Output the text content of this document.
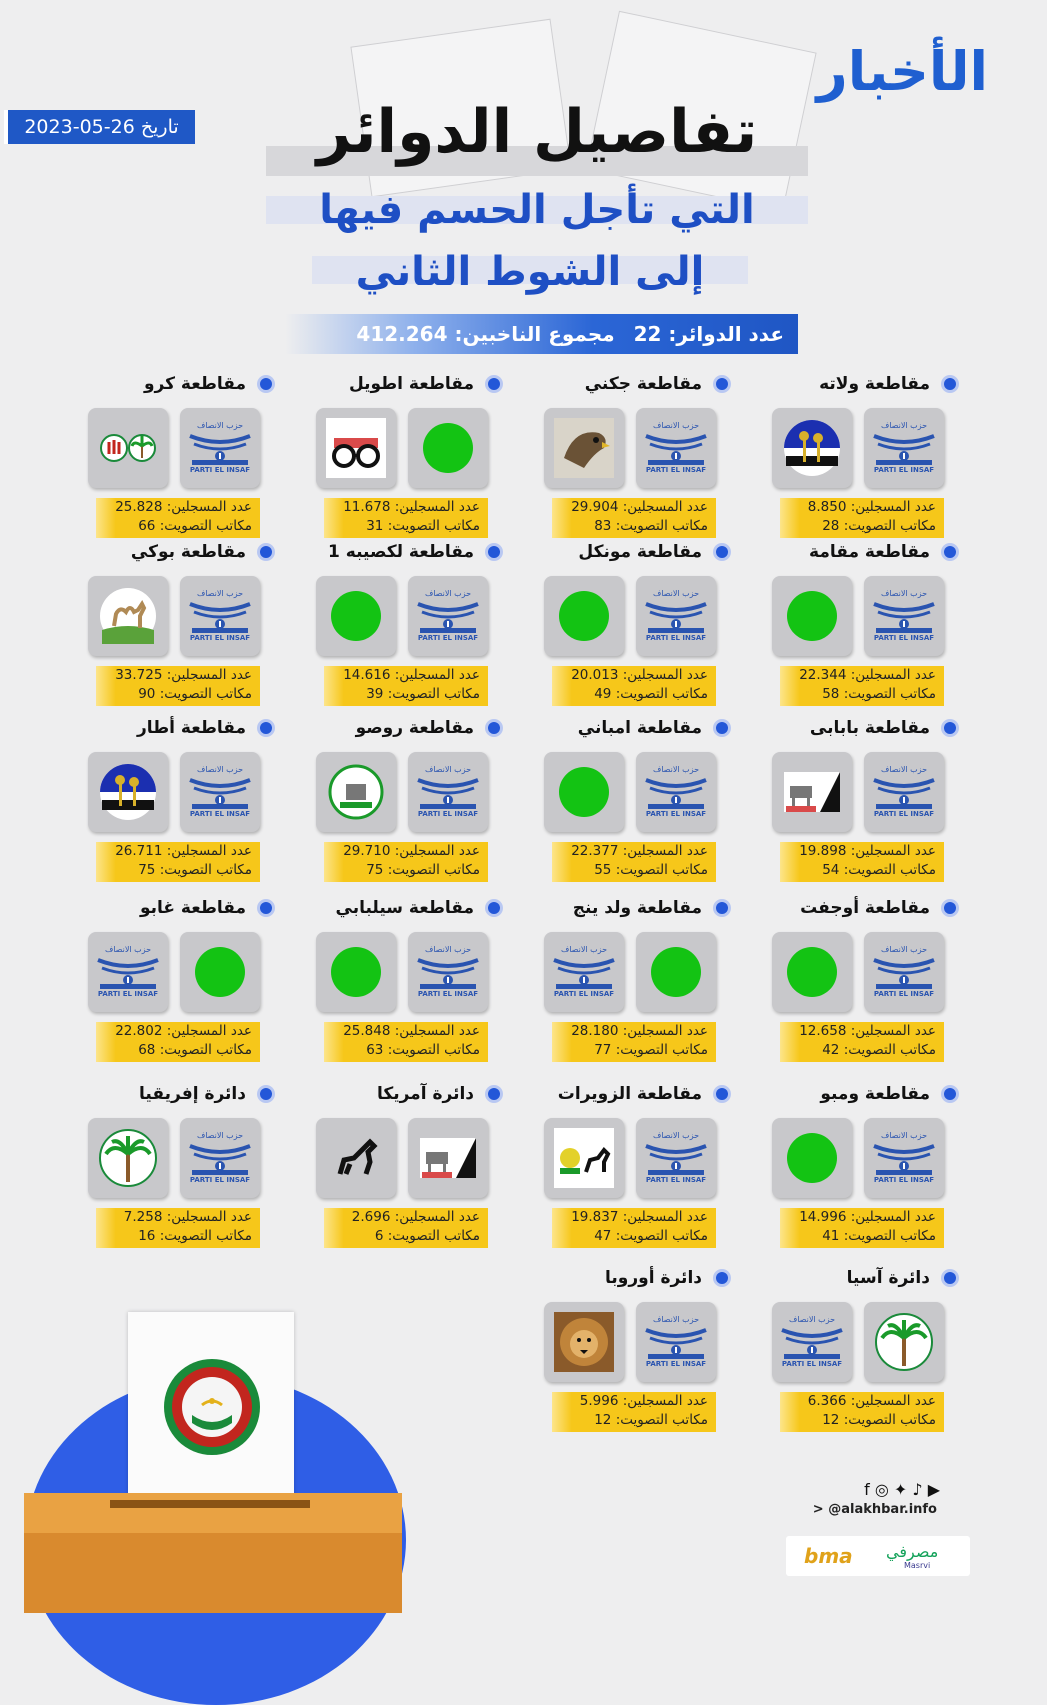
الأخبار
تاريخ 26-05-2023	تفاصيل الدوائر
التي تأجل الحسم فيها
إلى الشوط الثاني
عدد الدوائر: 22 مجموع الناخبين: 412.264
مقاطعة ولاته
حزب الانصاف
PARTI EL INSAF
عدد المسجلين: 8.850
مكاتب التصويت: 28
مقاطعة جكني
حزب الانصاف
PARTI EL INSAF
عدد المسجلين: 29.904
مكاتب التصويت: 83
مقاطعة اطويل
عدد المسجلين: 11.678
مكاتب التصويت: 31
مقاطعة كرو
حزب الانصاف
PARTI EL INSAF
عدد المسجلين: 25.828
مكاتب التصويت: 66
مقاطعة مقامة
حزب الانصاف
PARTI EL INSAF
عدد المسجلين: 22.344
مكاتب التصويت: 58
مقاطعة مونكل
حزب الانصاف
PARTI EL INSAF
عدد المسجلين: 20.013
مكاتب التصويت: 49
مقاطعة لكصيبه 1
حزب الانصاف
PARTI EL INSAF
عدد المسجلين: 14.616
مكاتب التصويت: 39
مقاطعة بوكي
حزب الانصاف
PARTI EL INSAF
عدد المسجلين: 33.725
مكاتب التصويت: 90
مقاطعة بابابى
حزب الانصاف
PARTI EL INSAF
عدد المسجلين: 19.898
مكاتب التصويت: 54
مقاطعة امباني
حزب الانصاف
PARTI EL INSAF
عدد المسجلين: 22.377
مكاتب التصويت: 55
مقاطعة روصو
حزب الانصاف
PARTI EL INSAF
عدد المسجلين: 29.710
مكاتب التصويت: 75
مقاطعة أطار
حزب الانصاف
PARTI EL INSAF
عدد المسجلين: 26.711
مكاتب التصويت: 75
مقاطعة أوجفت
حزب الانصاف
PARTI EL INSAF
عدد المسجلين: 12.658
مكاتب التصويت: 42
مقاطعة ولد ينج
حزب الانصاف
PARTI EL INSAF
عدد المسجلين: 28.180
مكاتب التصويت: 77
مقاطعة سيلبابي
حزب الانصاف
PARTI EL INSAF
عدد المسجلين: 25.848
مكاتب التصويت: 63
مقاطعة غابو
حزب الانصاف
PARTI EL INSAF
عدد المسجلين: 22.802
مكاتب التصويت: 68
مقاطعة ومبو
حزب الانصاف
PARTI EL INSAF
عدد المسجلين: 14.996
مكاتب التصويت: 41
مقاطعة الزويرات
حزب الانصاف
PARTI EL INSAF
عدد المسجلين: 19.837
مكاتب التصويت: 47
دائرة آمريكا
عدد المسجلين: 2.696
مكاتب التصويت: 6
دائرة إفريقيا
حزب الانصاف
PARTI EL INSAF
عدد المسجلين: 7.258
مكاتب التصويت: 16
دائرة آسيا
حزب الانصاف
PARTI EL INSAF
عدد المسجلين: 6.366
مكاتب التصويت: 12
دائرة أوروبا
حزب الانصاف
PARTI EL INSAF
عدد المسجلين: 5.996
مكاتب التصويت: 12
f ◎ ✦ ♪ ▶
> @alakhbar.info
bma مصرفي
Masrvi
